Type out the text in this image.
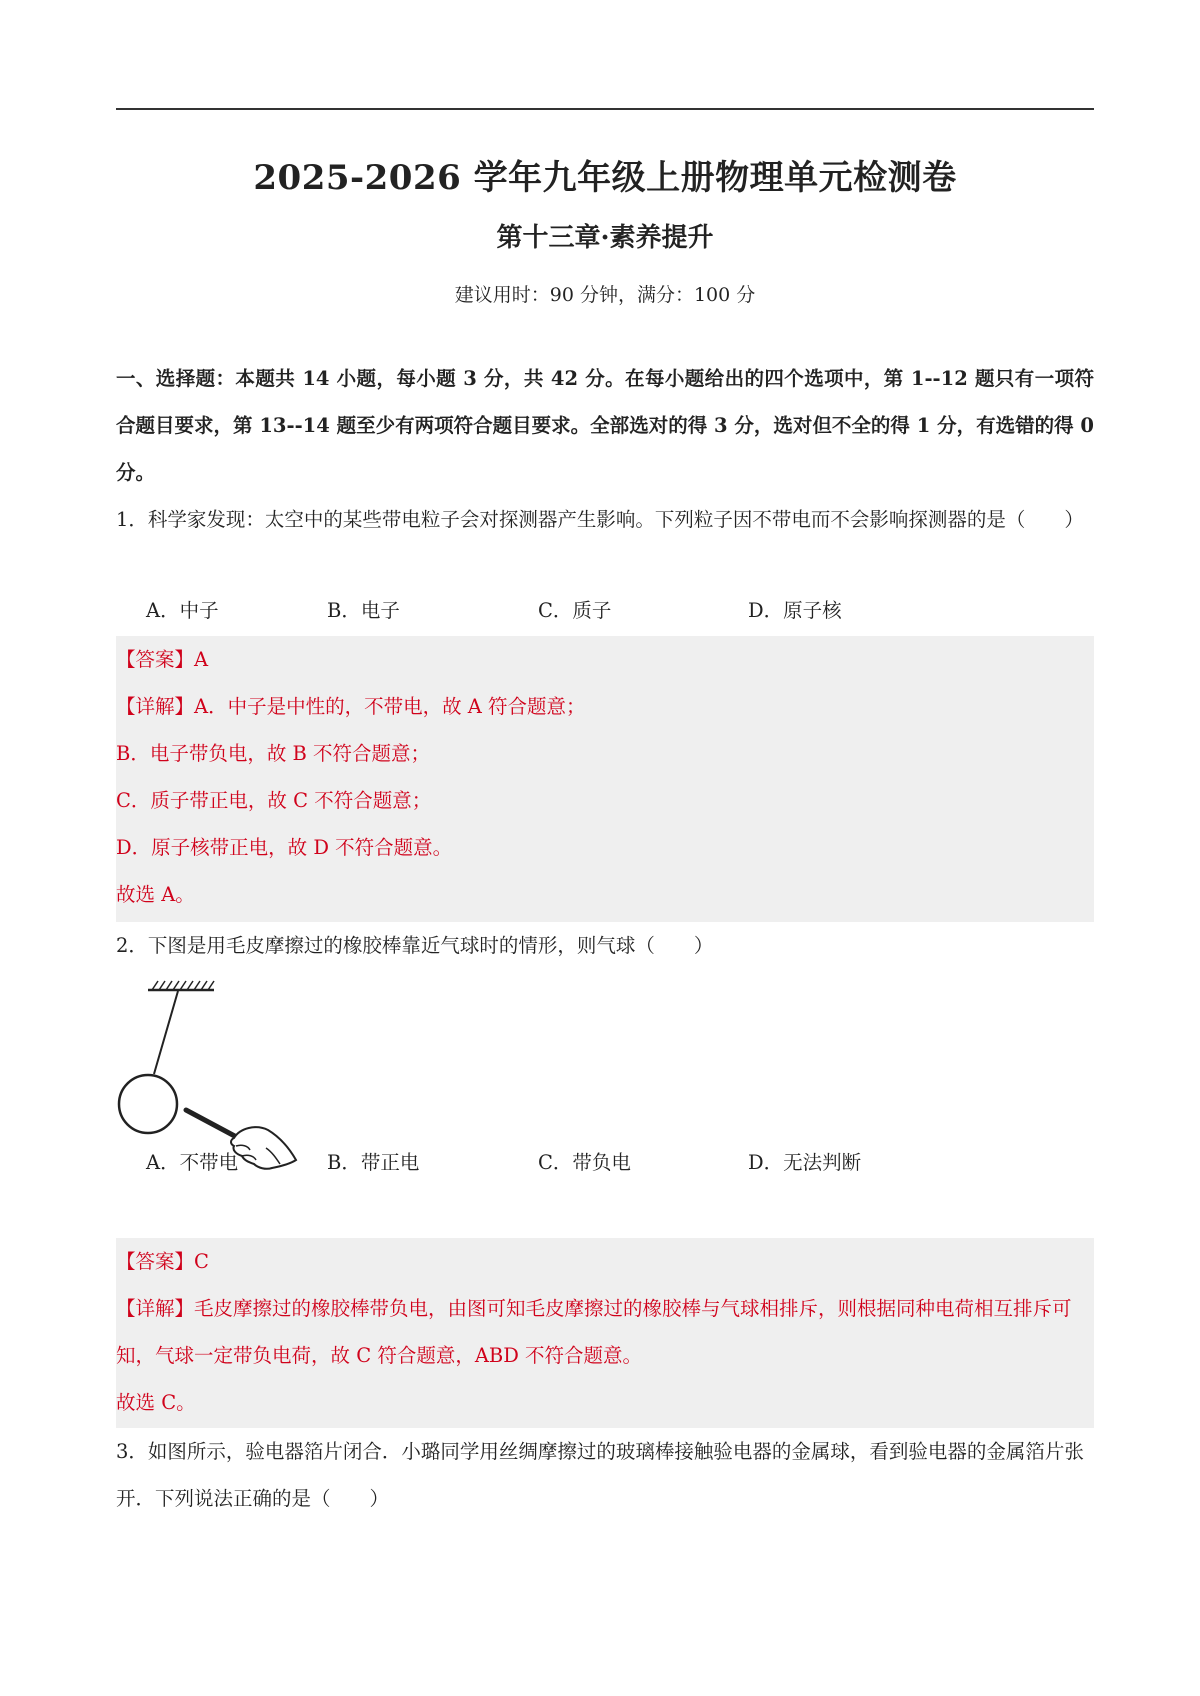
2025-2026 学年九年级上册物理单元检测卷
第十三章·素养提升
建议用时：90 分钟，满分：100 分
一、选择题：本题共 14 小题，每小题 3 分，共 42 分。在每小题给出的四个选项中，第 1--12 题只有一项符合题目要求，第 13--14 题至少有两项符合题目要求。全部选对的得 3 分，选对但不全的得 1 分，有选错的得 0 分。
1．科学家发现：太空中的某些带电粒子会对探测器产生影响。下列粒子因不带电而不会影响探测器的是（　　）
A．中子	B．电子	C．质子	D．原子核
【答案】A
【详解】A．中子是中性的，不带电，故 A 符合题意；
B．电子带负电，故 B 不符合题意；
C．质子带正电，故 C 不符合题意；
D．原子核带正电，故 D 不符合题意。
故选 A。
2．下图是用毛皮摩擦过的橡胶棒靠近气球时的情形，则气球（　　）
A．不带电	B．带正电	C．带负电	D．无法判断
【答案】C
【详解】毛皮摩擦过的橡胶棒带负电，由图可知毛皮摩擦过的橡胶棒与气球相排斥，则根据同种电荷相互排斥可知，气球一定带负电荷，故 C 符合题意，ABD 不符合题意。
故选 C。
3．如图所示，验电器箔片闭合．小璐同学用丝绸摩擦过的玻璃棒接触验电器的金属球，看到验电器的金属箔片张开．下列说法正确的是（　　）
